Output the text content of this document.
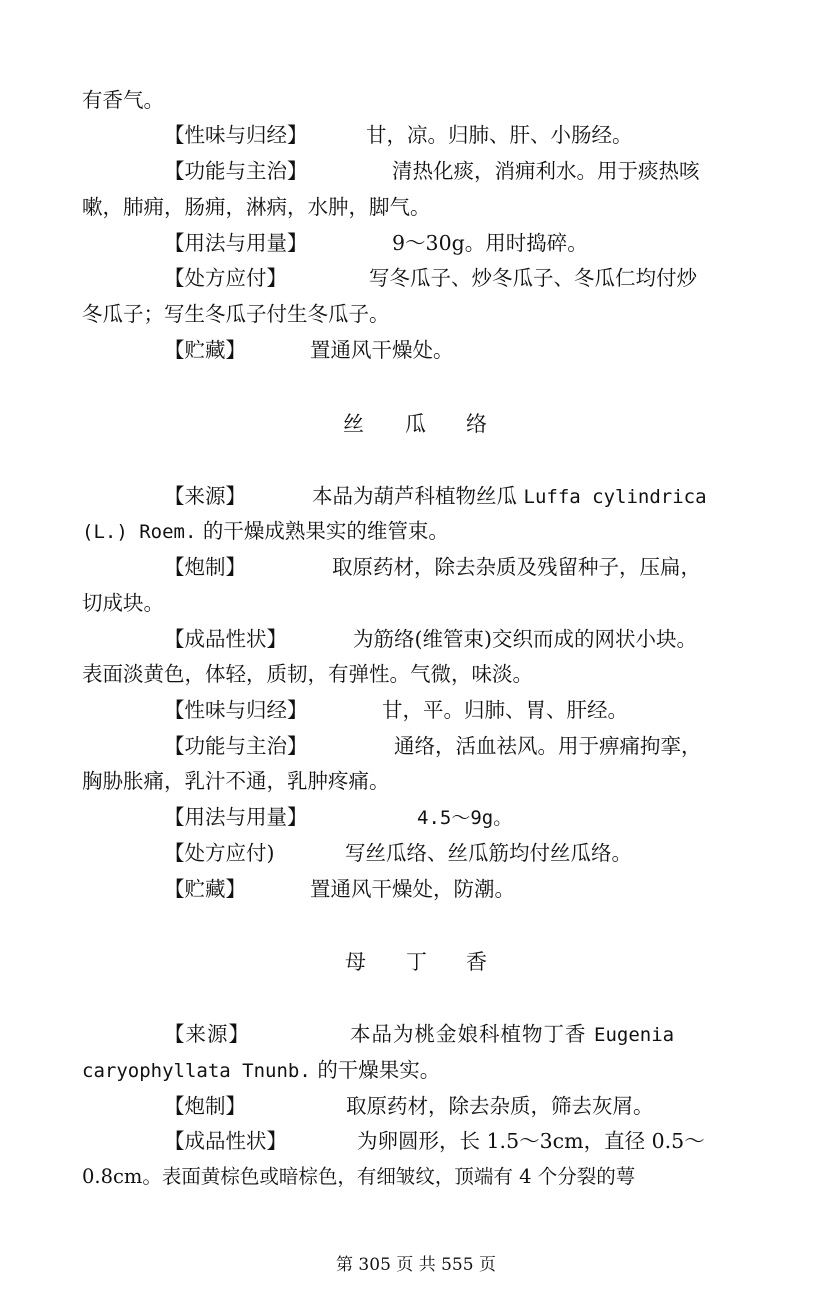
有香气。
【性味与归经】	甘，凉。归肺、肝、小肠经。
【功能与主治】	清热化痰，消痈利水。用于痰热咳
嗽，肺痈，肠痈，淋病，水肿，脚气。
【用法与用量】	9～30g。用时捣碎。
【处方应付】	写冬瓜子、炒冬瓜子、冬瓜仁均付炒
冬瓜子；写生冬瓜子付生冬瓜子。
【贮藏】	置通风干燥处。
丝 瓜 络
【来源】	本品为葫芦科植物丝瓜 Luffa cylindrica
(L.) Roem. 的干燥成熟果实的维管束。
【炮制】	取原药材，除去杂质及残留种子，压扁，
切成块。
【成品性状】	为筋络(维管束)交织而成的网状小块。
表面淡黄色，体轻，质韧，有弹性。气微，味淡。
【性味与归经】	甘，平。归肺、胃、肝经。
【功能与主治】	通络，活血祛风。用于痹痛拘挛，
胸胁胀痛，乳汁不通，乳肿疼痛。
【用法与用量】	4.5～9g。
【处方应付)	写丝瓜络、丝瓜筋均付丝瓜络。
【贮藏】	置通风干燥处，防潮。
母 丁 香
【来源】	本品为桃金娘科植物丁香 Eugenia
caryophyllata Tnunb. 的干燥果实。
【炮制】	取原药材，除去杂质，筛去灰屑。
【成品性状】	为卵圆形，长 1.5～3cm，直径 0.5～
0.8cm。表面黄棕色或暗棕色，有细皱纹，顶端有 4 个分裂的萼
第 305 页 共 555 页
